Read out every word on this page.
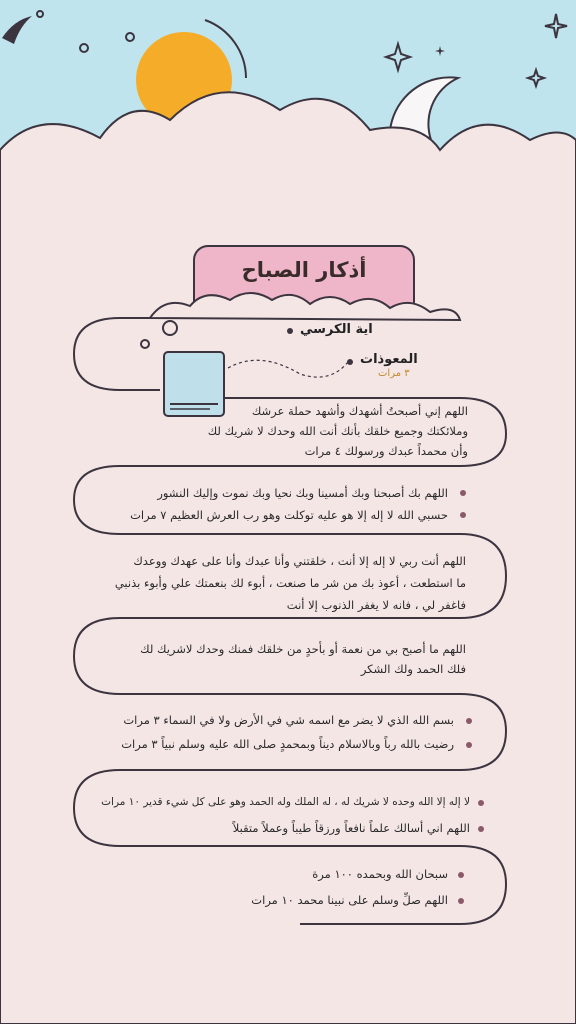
أذكار الصباح
اية الكرسي
المعوذات
٣ مرات
اللهم إني أصبحتُ أشهدك وأشهد حملة عرشك
وملائكتك وجميع خلقك بأنك أنت الله وحدك لا شريك لك
وأن محمداً عبدك ورسولك ٤ مرات
اللهم بك أصبحنا وبك أمسينا وبك نحيا وبك نموت وإليك النشور
حسبي الله لا إله إلا هو عليه توكلت وهو رب العرش العظيم ٧ مرات
اللهم أنت ربي لا إله إلا أنت ، خلقتني وأنا عبدك وأنا على عهدك ووعدك
ما استطعت ، أعوذ بك من شر ما صنعت ، أبوء لك بنعمتك علي وأبوء بذنبي
فاغفر لي ، فانه لا يغفر الذنوب إلا أنت
اللهم ما أصبح بي من نعمة أو بأحدٍ من خلقك فمنك وحدك لاشريك لك
فلك الحمد ولك الشكر
بسم الله الذي لا يضر مع اسمه شي في الأرض ولا في السماء ٣ مرات
رضيت بالله رباً وبالاسلام ديناً وبمحمدٍ صلى الله عليه وسلم نبياً ٣ مرات
لا إله إلا الله وحده لا شريك له ، له الملك وله الحمد وهو على كل شيء قدير ١٠ مرات
اللهم اني أسالك علماً نافعاً ورزقاً طيباً وعملاً متقبلاً
سبحان الله وبحمده ١٠٠ مرة
اللهم صلِّ وسلم على نبينا محمد ١٠ مرات
